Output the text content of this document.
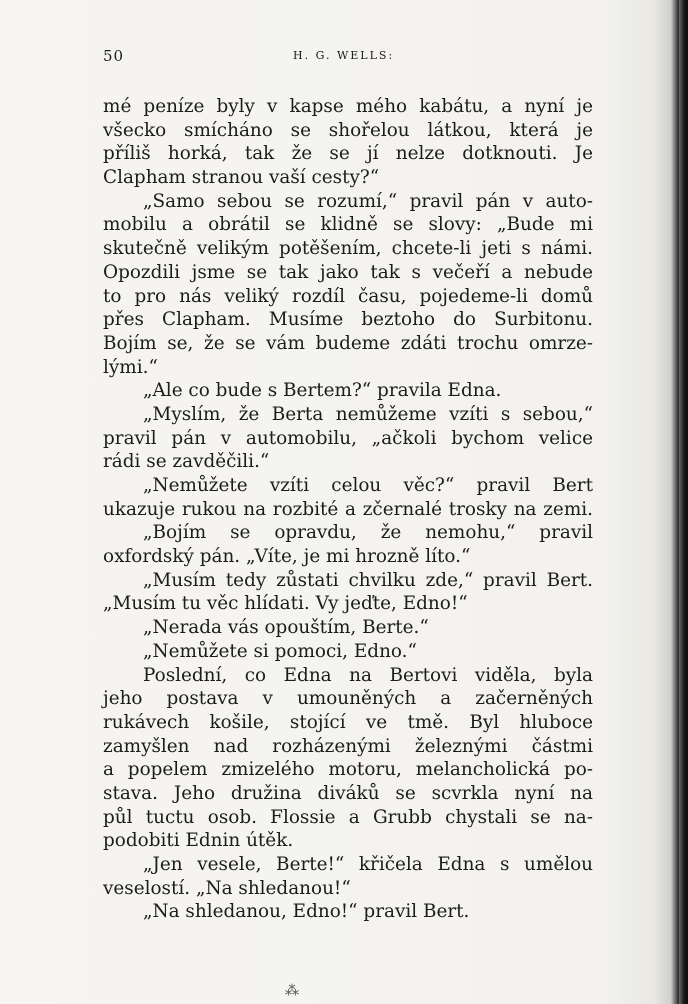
50	H. G. WELLS:
mé peníze byly v kapse mého kabátu, a nyní je
všecko smícháno se shořelou látkou, která je
příliš horká, tak že se jí nelze dotknouti. Je
Clapham stranou vaší cesty?“
„Samo sebou se rozumí,“ pravil pán v auto-
mobilu a obrátil se klidně se slovy: „Bude mi
skutečně velikým potěšením, chcete-li jeti s námi.
Opozdili jsme se tak jako tak s večeří a nebude
to pro nás veliký rozdíl času, pojedeme-li domů
přes Clapham. Musíme beztoho do Surbitonu.
Bojím se, že se vám budeme zdáti trochu omrze-
lými.“
„Ale co bude s Bertem?“ pravila Edna.
„Myslím, že Berta nemůžeme vzíti s sebou,“
pravil pán v automobilu, „ačkoli bychom velice
rádi se zavděčili.“
„Nemůžete vzíti celou věc?“ pravil Bert
ukazuje rukou na rozbité a zčernalé trosky na zemi.
„Bojím se opravdu, že nemohu,“ pravil
oxfordský pán. „Víte, je mi hrozně líto.“
„Musím tedy zůstati chvilku zde,“ pravil Bert.
„Musím tu věc hlídati. Vy jeďte, Edno!“
„Nerada vás opouštím, Berte.“
„Nemůžete si pomoci, Edno.“
Poslední, co Edna na Bertovi viděla, byla
jeho postava v umouněných a začerněných
rukávech košile, stojící ve tmě. Byl hluboce
zamyšlen nad rozházenými železnými částmi
a popelem zmizelého motoru, melancholická po-
stava. Jeho družina diváků se scvrkla nyní na
půl tuctu osob. Flossie a Grubb chystali se na-
podobiti Ednin útěk.
„Jen vesele, Berte!“ křičela Edna s umělou
veselostí. „Na shledanou!“
„Na shledanou, Edno!“ pravil Bert.
⁂
